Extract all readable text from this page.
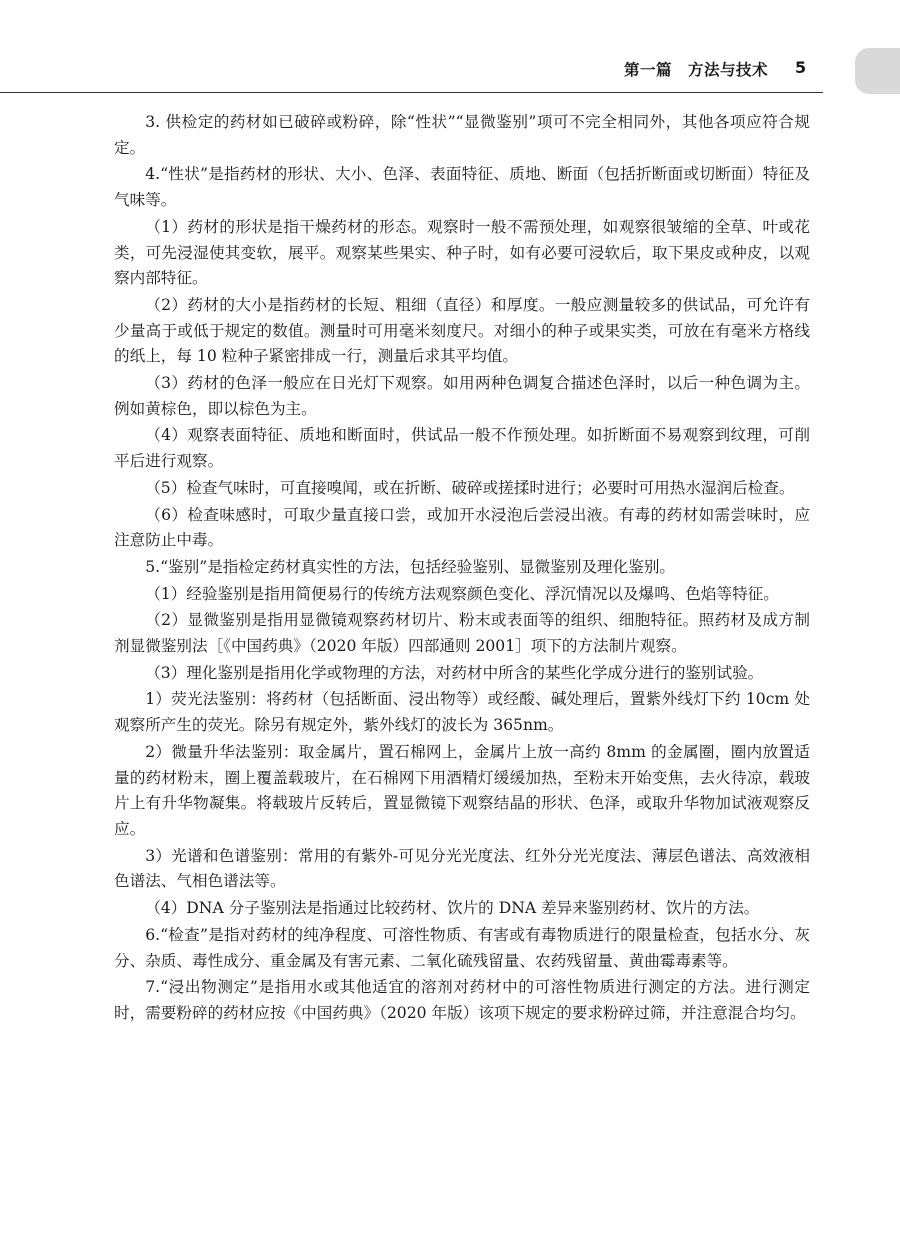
第一篇　方法与技术 5

3. 供检定的药材如已破碎或粉碎，除“性状”“显微鉴别”项可不完全相同外，其他各项应符合规定。

4.“性状”是指药材的形状、大小、色泽、表面特征、质地、断面（包括折断面或切断面）特征及气味等。

（1）药材的形状是指干燥药材的形态。观察时一般不需预处理，如观察很皱缩的全草、叶或花类，可先浸湿使其变软，展平。观察某些果实、种子时，如有必要可浸软后，取下果皮或种皮，以观察内部特征。

（2）药材的大小是指药材的长短、粗细（直径）和厚度。一般应测量较多的供试品，可允许有少量高于或低于规定的数值。测量时可用毫米刻度尺。对细小的种子或果实类，可放在有毫米方格线的纸上，每 10 粒种子紧密排成一行，测量后求其平均值。

（3）药材的色泽一般应在日光灯下观察。如用两种色调复合描述色泽时，以后一种色调为主。例如黄棕色，即以棕色为主。

（4）观察表面特征、质地和断面时，供试品一般不作预处理。如折断面不易观察到纹理，可削平后进行观察。

（5）检查气味时，可直接嗅闻，或在折断、破碎或搓揉时进行；必要时可用热水湿润后检查。

（6）检查味感时，可取少量直接口尝，或加开水浸泡后尝浸出液。有毒的药材如需尝味时，应注意防止中毒。

5.“鉴别”是指检定药材真实性的方法，包括经验鉴别、显微鉴别及理化鉴别。

（1）经验鉴别是指用简便易行的传统方法观察颜色变化、浮沉情况以及爆鸣、色焰等特征。

（2）显微鉴别是指用显微镜观察药材切片、粉末或表面等的组织、细胞特征。照药材及成方制剂显微鉴别法［《中国药典》（2020 年版）四部通则 2001］项下的方法制片观察。

（3）理化鉴别是指用化学或物理的方法，对药材中所含的某些化学成分进行的鉴别试验。

1）荧光法鉴别：将药材（包括断面、浸出物等）或经酸、碱处理后，置紫外线灯下约 10cm 处观察所产生的荧光。除另有规定外，紫外线灯的波长为 365nm。

2）微量升华法鉴别：取金属片，置石棉网上，金属片上放一高约 8mm 的金属圈，圈内放置适量的药材粉末，圈上覆盖载玻片，在石棉网下用酒精灯缓缓加热，至粉末开始变焦，去火待凉，载玻片上有升华物凝集。将载玻片反转后，置显微镜下观察结晶的形状、色泽，或取升华物加试液观察反应。

3）光谱和色谱鉴别：常用的有紫外-可见分光光度法、红外分光光度法、薄层色谱法、高效液相色谱法、气相色谱法等。

（4）DNA 分子鉴别法是指通过比较药材、饮片的 DNA 差异来鉴别药材、饮片的方法。

6.“检查”是指对药材的纯净程度、可溶性物质、有害或有毒物质进行的限量检查，包括水分、灰分、杂质、毒性成分、重金属及有害元素、二氧化硫残留量、农药残留量、黄曲霉毒素等。

7.“浸出物测定”是指用水或其他适宜的溶剂对药材中的可溶性物质进行测定的方法。进行测定时，需要粉碎的药材应按《中国药典》（2020 年版）该项下规定的要求粉碎过筛，并注意混合均匀。
